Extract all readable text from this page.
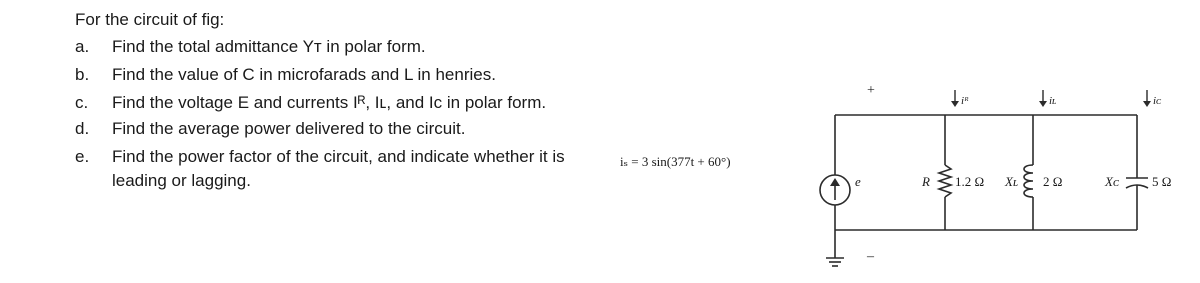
For the circuit of fig:
a. Find the total admittance Yᴛ in polar form.
b. Find the value of C in microfarads and L in henries.
c. Find the voltage E and currents Iᴿ, Iʟ, and Iᴄ in polar form.
d. Find the average power delivered to the circuit.
e. Find the power factor of the circuit, and indicate whether it is leading or lagging.
iₛ = 3 sin(377t + 60°)
e
+
–
R 1.2 Ω
iᴿ
Xʟ 2 Ω
iʟ
Xᴄ	5 Ω
iᴄ
